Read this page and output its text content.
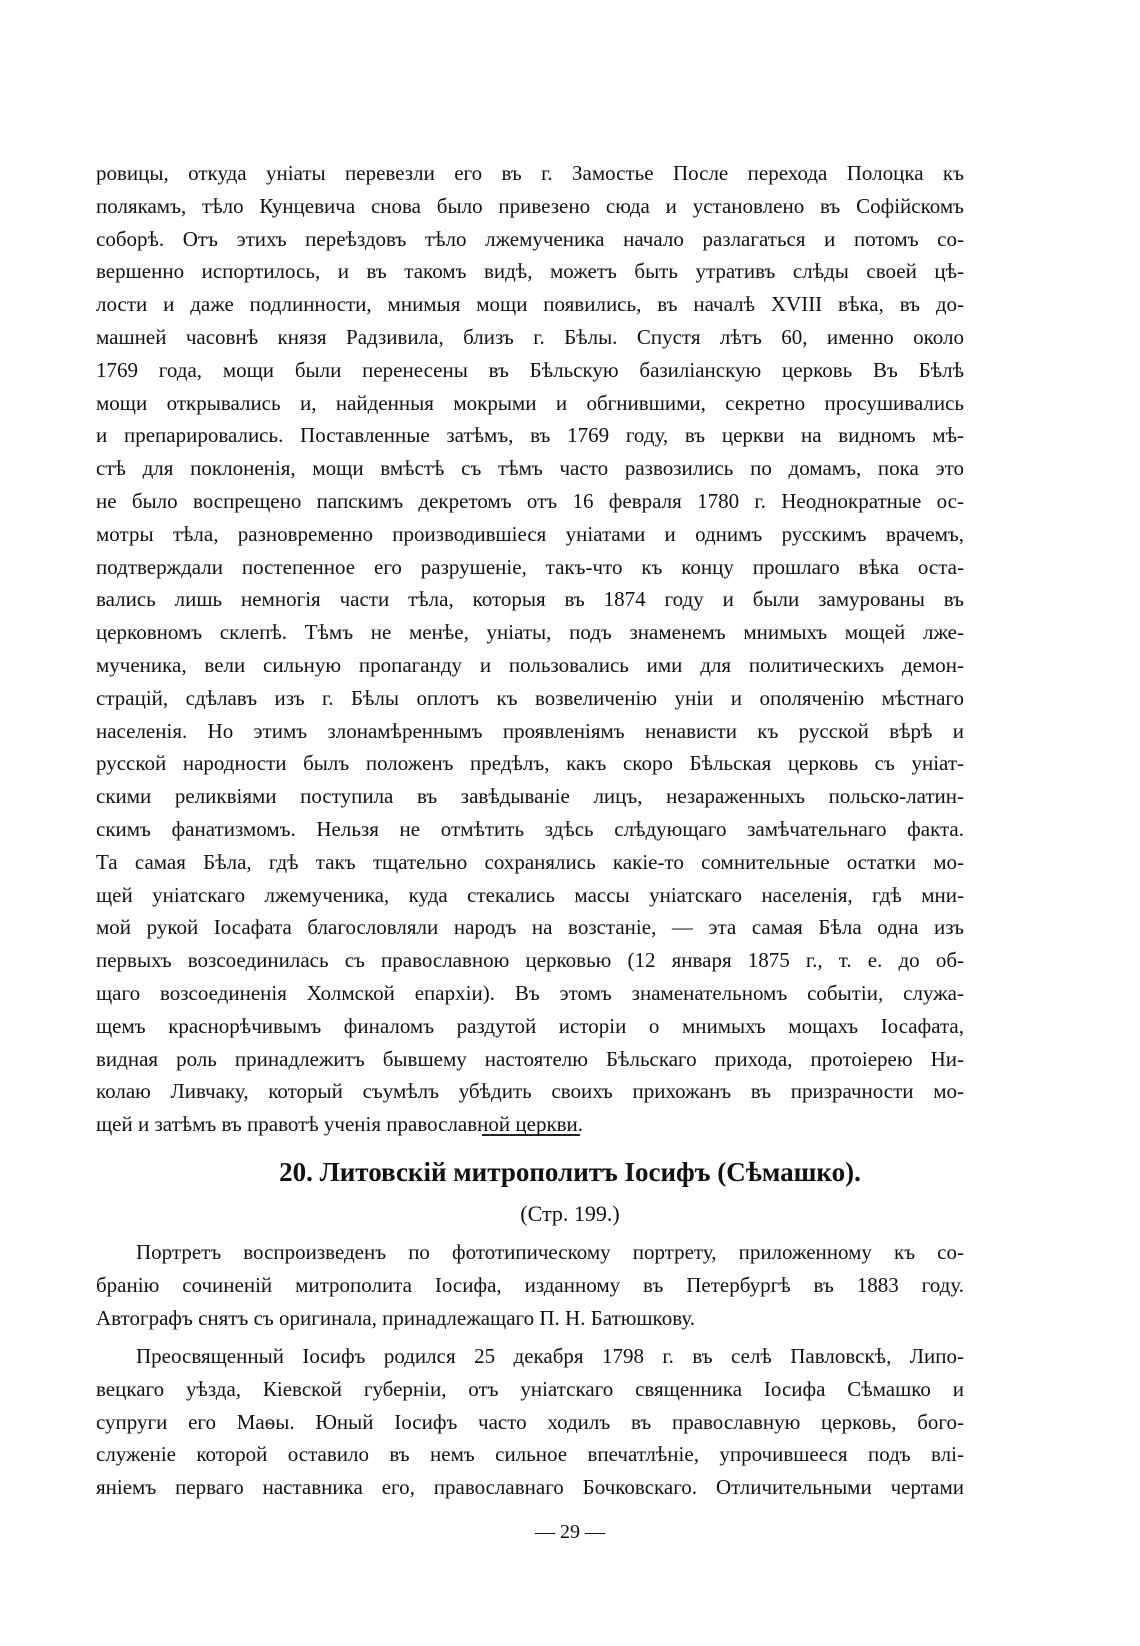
ровицы, откуда уніаты перевезли его въ г. Замостье После перехода Полоцка къ
полякамъ, тѣло Кунцевича снова было привезено сюда и установлено въ Софійскомъ
соборѣ. Отъ этихъ переѣздовъ тѣло лжемученика начало разлагаться и потомъ со-
вершенно испортилось, и въ такомъ видѣ, можетъ быть утративъ слѣды своей цѣ-
лости и даже подлинности, мнимыя мощи появились, въ началѣ XVIII вѣка, въ до-
машней часовнѣ князя Радзивила, близъ г. Бѣлы. Спустя лѣтъ 60, именно около
1769 года, мощи были перенесены въ Бѣльскую базиліанскую церковь Въ Бѣлѣ
мощи открывались и, найденныя мокрыми и обгнившими, секретно просушивались
и препарировались. Поставленные затѣмъ, въ 1769 году, въ церкви на видномъ мѣ-
стѣ для поклоненія, мощи вмѣстѣ съ тѣмъ часто развозились по домамъ, пока это
не было воспрещено папскимъ декретомъ отъ 16 февраля 1780 г. Неоднократные ос-
мотры тѣла, разновременно производившіеся уніатами и однимъ русскимъ врачемъ,
подтверждали постепенное его разрушеніе, такъ-что къ концу прошлаго вѣка оста-
вались лишь немногія части тѣла, которыя въ 1874 году и были замурованы въ
церковномъ склепѣ. Тѣмъ не менѣе, уніаты, подъ знаменемъ мнимыхъ мощей лже-
мученика, вели сильную пропаганду и пользовались ими для политическихъ демон-
страцій, сдѣлавъ изъ г. Бѣлы оплотъ къ возвеличенію уніи и ополяченію мѣстнаго
населенія. Но этимъ злонамѣреннымъ проявленіямъ ненависти къ русской вѣрѣ и
русской народности былъ положенъ предѣлъ, какъ скоро Бѣльская церковь съ уніат-
скими реликвіями поступила въ завѣдываніе лицъ, незараженныхъ польско-латин-
скимъ фанатизмомъ. Нельзя не отмѣтить здѣсь слѣдующаго замѣчательнаго факта.
Та самая Бѣла, гдѣ такъ тщательно сохранялись какіе-то сомнительные остатки мо-
щей уніатскаго лжемученика, куда стекались массы уніатскаго населенія, гдѣ мни-
мой рукой Іосафата благословляли народъ на возстаніе, — эта самая Бѣла одна изъ
первыхъ возсоединилась съ православною церковью (12 января 1875 г., т. е. до об-
щаго возсоединенія Холмской епархіи). Въ этомъ знаменательномъ событіи, служа-
щемъ краснорѣчивымъ финаломъ раздутой исторіи о мнимыхъ мощахъ Іосафата,
видная роль принадлежитъ бывшему настоятелю Бѣльскаго прихода, протоіерею Ни-
колаю Ливчаку, который съумѣлъ убѣдить своихъ прихожанъ въ призрачности мо-
щей и затѣмъ въ правотѣ ученія православной церкви.
20. Литовскій митрополитъ Іосифъ (Сѣмашко).
(Стр. 199.)
Портретъ воспроизведенъ по фототипическому портрету, приложенному къ со-
бранію сочиненій митрополита Іосифа, изданному въ Петербургѣ въ 1883 году.
Автографъ снятъ съ оригинала, принадлежащаго П. Н. Батюшкову.
Преосвященный Іосифъ родился 25 декабря 1798 г. въ селѣ Павловскѣ, Липо-
вецкаго уѣзда, Кіевской губерніи, отъ уніатскаго священника Іосифа Сѣмашко и
супруги его Маѳы. Юный Іосифъ часто ходилъ въ православную церковь, бого-
служеніе которой оставило въ немъ сильное впечатлѣніе, упрочившееся подъ влі-
яніемъ перваго наставника его, православнаго Бочковскаго. Отличительными чертами
— 29 —
